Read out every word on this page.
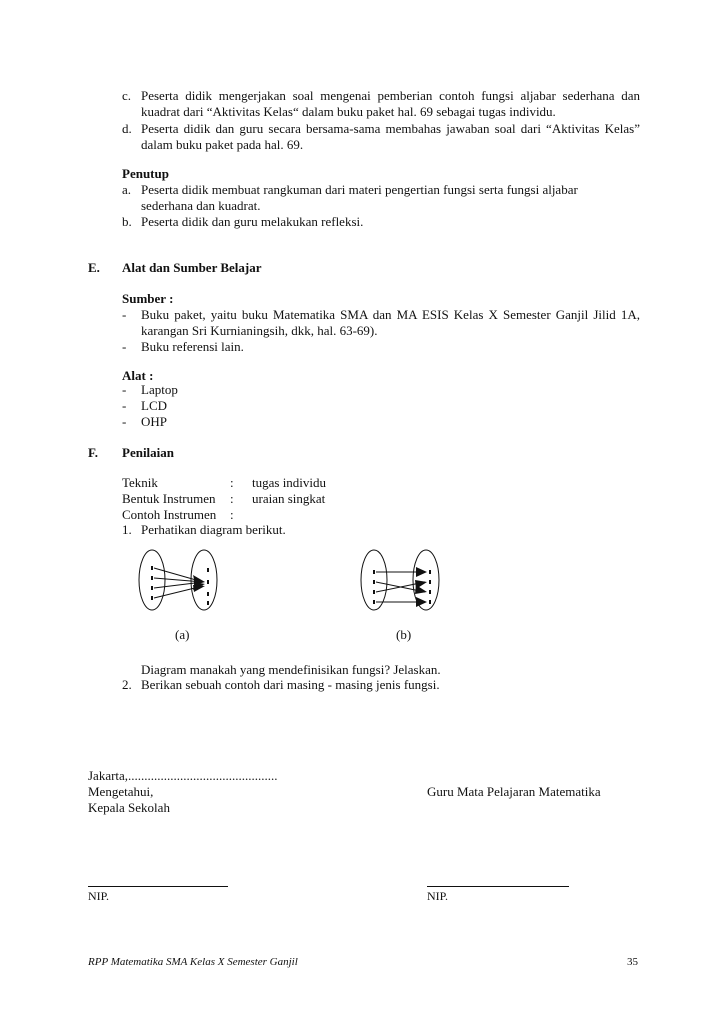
c. Peserta didik mengerjakan soal mengenai pemberian contoh fungsi aljabar sederhana dan
kuadrat dari “Aktivitas Kelas“ dalam buku paket hal. 69 sebagai tugas individu.
d. Peserta didik dan guru secara bersama-sama membahas jawaban soal dari “Aktivitas Kelas”
dalam buku paket pada hal. 69.
Penutup
a. Peserta didik membuat rangkuman dari materi pengertian fungsi serta fungsi aljabar
sederhana dan kuadrat.
b. Peserta didik dan guru melakukan refleksi.
E. Alat dan Sumber Belajar
Sumber :
- Buku paket, yaitu buku Matematika SMA dan MA ESIS Kelas X Semester Ganjil Jilid 1A,
karangan Sri Kurnianingsih, dkk, hal. 63-69).
- Buku referensi lain.
Alat :
- Laptop
- LCD
- OHP
F. Penilaian
Teknik	: tugas individu
Bentuk Instrumen : uraian singkat
Contoh Instrumen :
1. Perhatikan diagram berikut.
(a)	(b)
Diagram manakah yang mendefinisikan fungsi? Jelaskan.
2. Berikan sebuah contoh dari masing - masing jenis fungsi.
Jakarta,..............................................
Mengetahui,
Kepala Sekolah
Guru Mata Pelajaran Matematika
NIP.	NIP.
RPP Matematika SMA Kelas X Semester Ganjil	35
